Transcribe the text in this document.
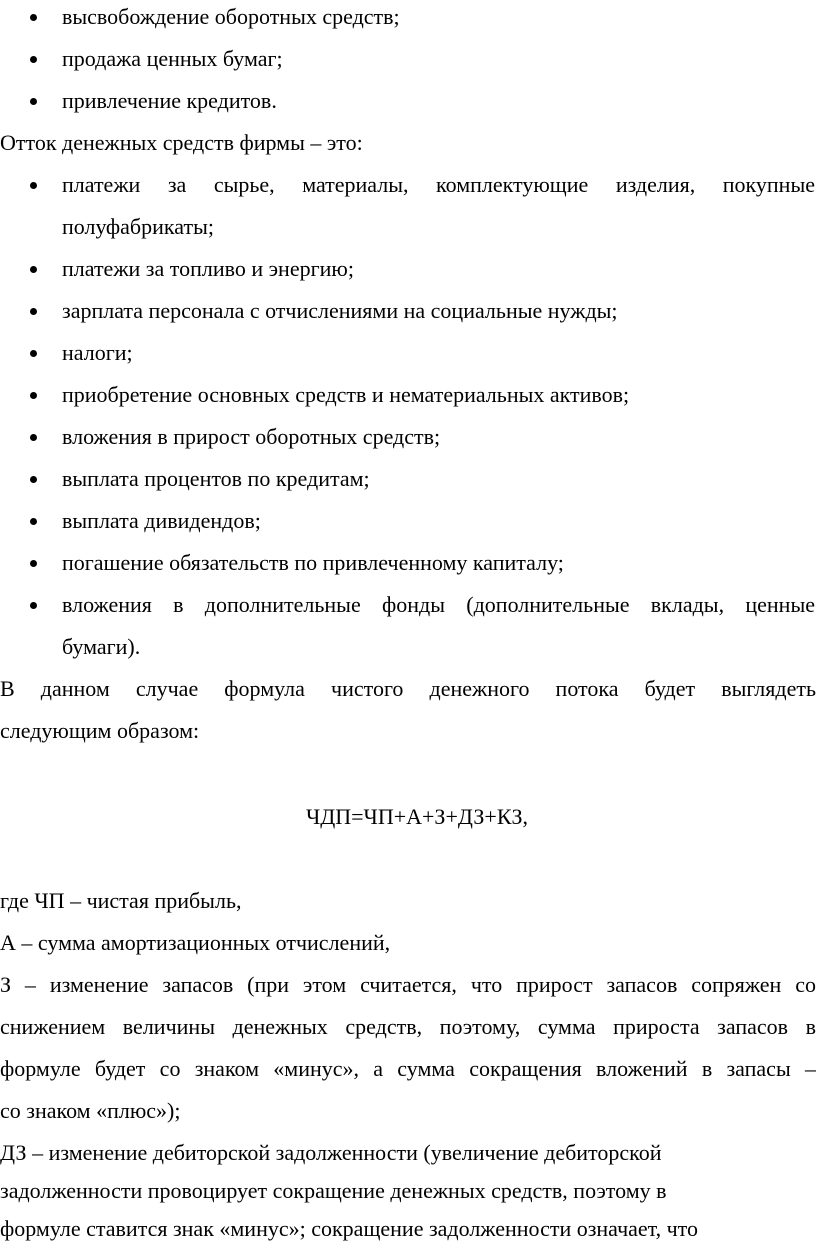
высвобождение оборотных средств;
продажа ценных бумаг;
привлечение кредитов.
Отток денежных средств фирмы – это:
платежи за сырье, материалы, комплектующие изделия, покупные
полуфабрикаты;
платежи за топливо и энергию;
зарплата персонала с отчислениями на социальные нужды;
налоги;
приобретение основных средств и нематериальных активов;
вложения в прирост оборотных средств;
выплата процентов по кредитам;
выплата дивидендов;
погашение обязательств по привлеченному капиталу;
вложения в дополнительные фонды (дополнительные вклады, ценные
бумаги).
В данном случае формула чистого денежного потока будет выглядеть
следующим образом:
ЧДП=ЧП+А+З+ДЗ+КЗ,
где ЧП – чистая прибыль,
А – сумма амортизационных отчислений,
З – изменение запасов (при этом считается, что прирост запасов сопряжен со
снижением величины денежных средств, поэтому, сумма прироста запасов в
формуле будет со знаком «минус», а сумма сокращения вложений в запасы –
со знаком «плюс»);
ДЗ – изменение дебиторской задолженности (увеличение дебиторской
задолженности провоцирует сокращение денежных средств, поэтому в
формуле ставится знак «минус»; сокращение задолженности означает, что
